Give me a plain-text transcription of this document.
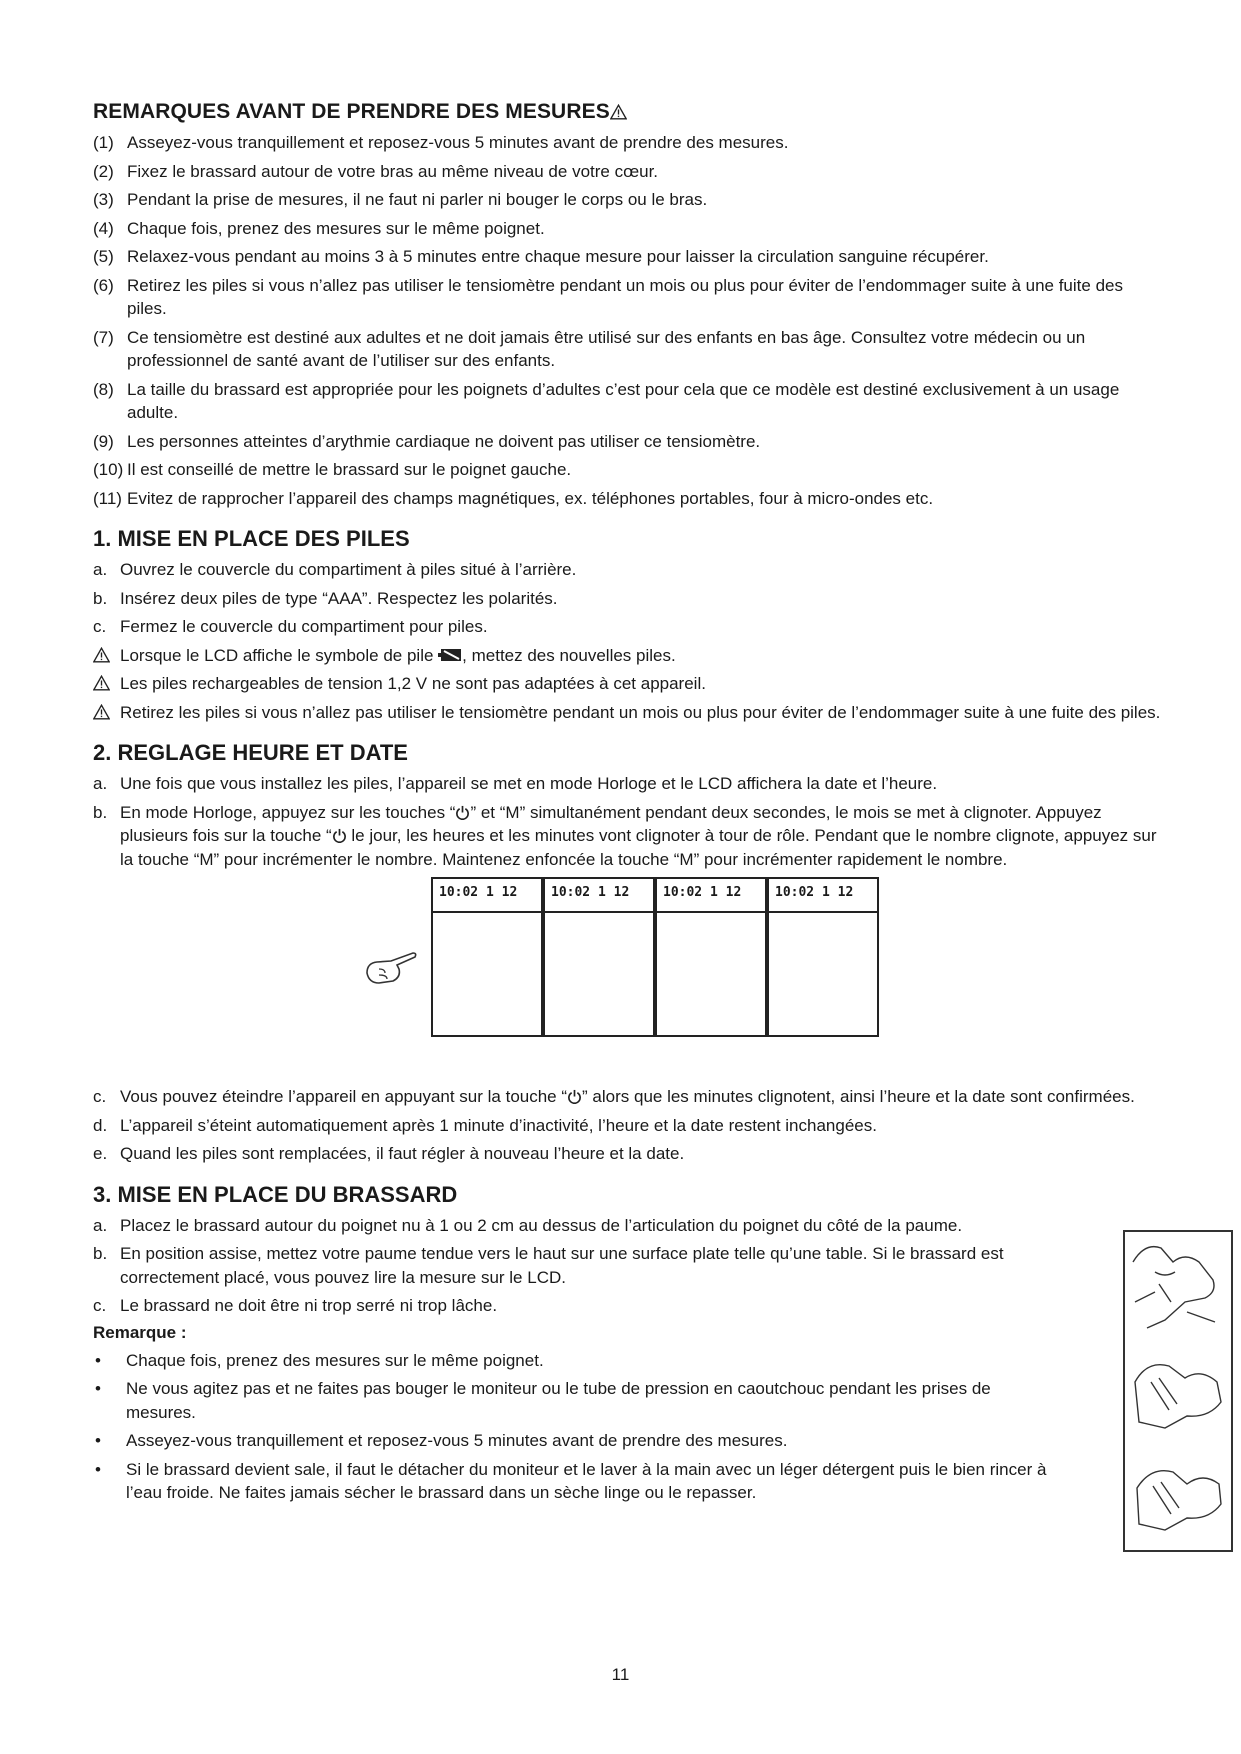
REMARQUES AVANT DE PRENDRE DES MESURES
(1) Asseyez-vous tranquillement et reposez-vous 5 minutes avant de prendre des mesures.
(2) Fixez le brassard autour de votre bras au même niveau de votre cœur.
(3) Pendant la prise de mesures, il ne faut ni parler ni bouger le corps ou le bras.
(4) Chaque fois, prenez des mesures sur le même poignet.
(5) Relaxez-vous pendant au moins 3 à 5 minutes entre chaque mesure pour laisser la circulation sanguine récupérer.
(6) Retirez les piles si vous n’allez pas utiliser le tensiomètre pendant un mois ou plus pour éviter de l’endommager suite à une fuite des piles.
(7) Ce tensiomètre est destiné aux adultes et ne doit jamais être utilisé sur des enfants en bas âge. Consultez votre médecin ou un professionnel de santé avant de l’utiliser sur des enfants.
(8) La taille du brassard est appropriée pour les poignets d’adultes c’est pour cela que ce modèle est destiné exclusivement à un usage adulte.
(9) Les personnes atteintes d’arythmie cardiaque ne doivent pas utiliser ce tensiomètre.
(10) Il est conseillé de mettre le brassard sur le poignet gauche.
(11) Evitez de rapprocher l’appareil des champs magnétiques, ex. téléphones portables, four à micro-ondes etc.
1. MISE EN PLACE DES PILES
a. Ouvrez le couvercle du compartiment à piles situé à l’arrière.
b. Insérez deux piles de type “AAA”. Respectez les polarités.
c. Fermez le couvercle du compartiment pour piles.
Lorsque le LCD affiche le symbole de pile , mettez des nouvelles piles.
Les piles rechargeables de tension 1,2 V ne sont pas adaptées à cet appareil.
Retirez les piles si vous n’allez pas utiliser le tensiomètre pendant un mois ou plus pour éviter de l’endommager suite à une fuite des piles.
2. REGLAGE HEURE ET DATE
a. Une fois que vous installez les piles, l’appareil se met en mode Horloge et le LCD affichera la date et l’heure.
b. En mode Horloge, appuyez sur les touches “ ” et “M” simultanément pendant deux secondes, le mois se met à clignoter. Appuyez plusieurs fois sur la touche “ le jour, les heures et les minutes vont clignoter à tour de rôle. Pendant que le nombre clignote, appuyez sur la touche “M” pour incrémenter le nombre. Maintenez enfoncée la touche “M” pour incrémenter rapidement le nombre.
10:02 1 12	10:02 1 12	10:02 1 12	10:02 1 12
c. Vous pouvez éteindre l’appareil en appuyant sur la touche “ ” alors que les minutes clignotent, ainsi l’heure et la date sont confirmées.
d. L’appareil s’éteint automatiquement après 1 minute d’inactivité, l’heure et la date restent inchangées.
e. Quand les piles sont remplacées, il faut régler à nouveau l’heure et la date.
3. MISE EN PLACE DU BRASSARD
a. Placez le brassard autour du poignet nu à 1 ou 2 cm au dessus de l’articulation du poignet du côté de la paume.
b. En position assise, mettez votre paume tendue vers le haut sur une surface plate telle qu’une table. Si le brassard est correctement placé, vous pouvez lire la mesure sur le LCD.
c. Le brassard ne doit être ni trop serré ni trop lâche.
Remarque :
•	Chaque fois, prenez des mesures sur le même poignet.
•	Ne vous agitez pas et ne faites pas bouger le moniteur ou le tube de pression en caoutchouc pendant les prises de mesures.
•	Asseyez-vous tranquillement et reposez-vous 5 minutes avant de prendre des mesures.
•	Si le brassard devient sale, il faut le détacher du moniteur et le laver à la main avec un léger détergent puis le bien rincer à l’eau froide. Ne faites jamais sécher le brassard dans un sèche linge ou le repasser.
11
